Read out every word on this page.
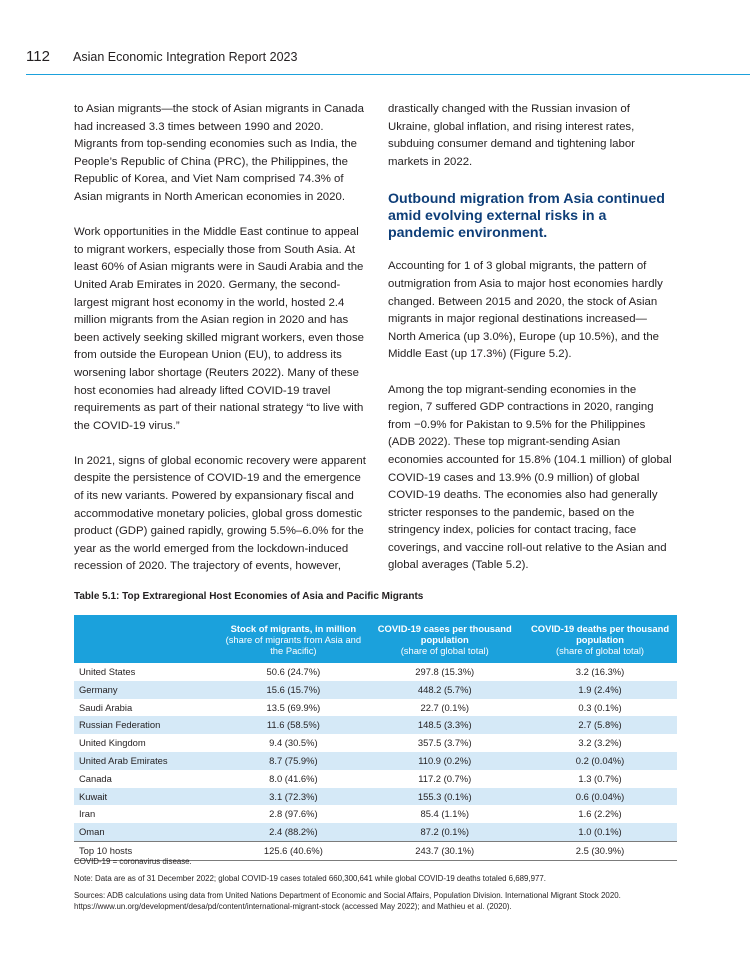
112 Asian Economic Integration Report 2023

to Asian migrants—the stock of Asian migrants in Canada had increased 3.3 times between 1990 and 2020. Migrants from top-sending economies such as India, the People’s Republic of China (PRC), the Philippines, the Republic of Korea, and Viet Nam comprised 74.3% of Asian migrants in North American economies in 2020.

Work opportunities in the Middle East continue to appeal to migrant workers, especially those from South Asia. At least 60% of Asian migrants were in Saudi Arabia and the United Arab Emirates in 2020. Germany, the second-largest migrant host economy in the world, hosted 2.4 million migrants from the Asian region in 2020 and has been actively seeking skilled migrant workers, even those from outside the European Union (EU), to address its worsening labor shortage (Reuters 2022). Many of these host economies had already lifted COVID-19 travel requirements as part of their national strategy “to live with the COVID-19 virus.”

In 2021, signs of global economic recovery were apparent despite the persistence of COVID-19 and the emergence of its new variants. Powered by expansionary fiscal and accommodative monetary policies, global gross domestic product (GDP) gained rapidly, growing 5.5%–6.0% for the year as the world emerged from the lockdown-induced recession of 2020. The trajectory of events, however,

drastically changed with the Russian invasion of Ukraine, global inflation, and rising interest rates, subduing consumer demand and tightening labor markets in 2022.

Outbound migration from Asia continued amid evolving external risks in a pandemic environment.

Accounting for 1 of 3 global migrants, the pattern of outmigration from Asia to major host economies hardly changed. Between 2015 and 2020, the stock of Asian migrants in major regional destinations increased—North America (up 3.0%), Europe (up 10.5%), and the Middle East (up 17.3%) (Figure 5.2).

Among the top migrant-sending economies in the region, 7 suffered GDP contractions in 2020, ranging from −0.9% for Pakistan to 9.5% for the Philippines (ADB 2022). These top migrant-sending Asian economies accounted for 15.8% (104.1 million) of global COVID-19 cases and 13.9% (0.9 million) of global COVID-19 deaths. The economies also had generally stricter responses to the pandemic, based on the stringency index, policies for contact tracing, face coverings, and vaccine roll-out relative to the Asian and global averages (Table 5.2).

Table 5.1: Top Extraregional Host Economies of Asia and Pacific Migrants

	Stock of migrants, in million
(share of migrants from Asia and the Pacific)	COVID-19 cases per thousand population
(share of global total)	COVID-19 deaths per thousand population
(share of global total)
United States	50.6 (24.7%)	297.8 (15.3%)	3.2 (16.3%)
Germany	15.6 (15.7%)	448.2 (5.7%)	1.9 (2.4%)
Saudi Arabia	13.5 (69.9%)	22.7 (0.1%)	0.3 (0.1%)
Russian Federation	11.6 (58.5%)	148.5 (3.3%)	2.7 (5.8%)
United Kingdom	9.4 (30.5%)	357.5 (3.7%)	3.2 (3.2%)
United Arab Emirates	8.7 (75.9%)	110.9 (0.2%)	0.2 (0.04%)
Canada	8.0 (41.6%)	117.2 (0.7%)	1.3 (0.7%)
Kuwait	3.1 (72.3%)	155.3 (0.1%)	0.6 (0.04%)
Iran	2.8 (97.6%)	85.4 (1.1%)	1.6 (2.2%)
Oman	2.4 (88.2%)	87.2 (0.1%)	1.0 (0.1%)
Top 10 hosts	125.6 (40.6%)	243.7 (30.1%)	2.5 (30.9%)

COVID-19 = coronavirus disease.

Note: Data are as of 31 December 2022; global COVID-19 cases totaled 660,300,641 while global COVID-19 deaths totaled 6,689,977.

Sources: ADB calculations using data from United Nations Department of Economic and Social Affairs, Population Division. International Migrant Stock 2020. https://www.un.org/development/desa/pd/content/international-migrant-stock (accessed May 2022); and Mathieu et al. (2020).
